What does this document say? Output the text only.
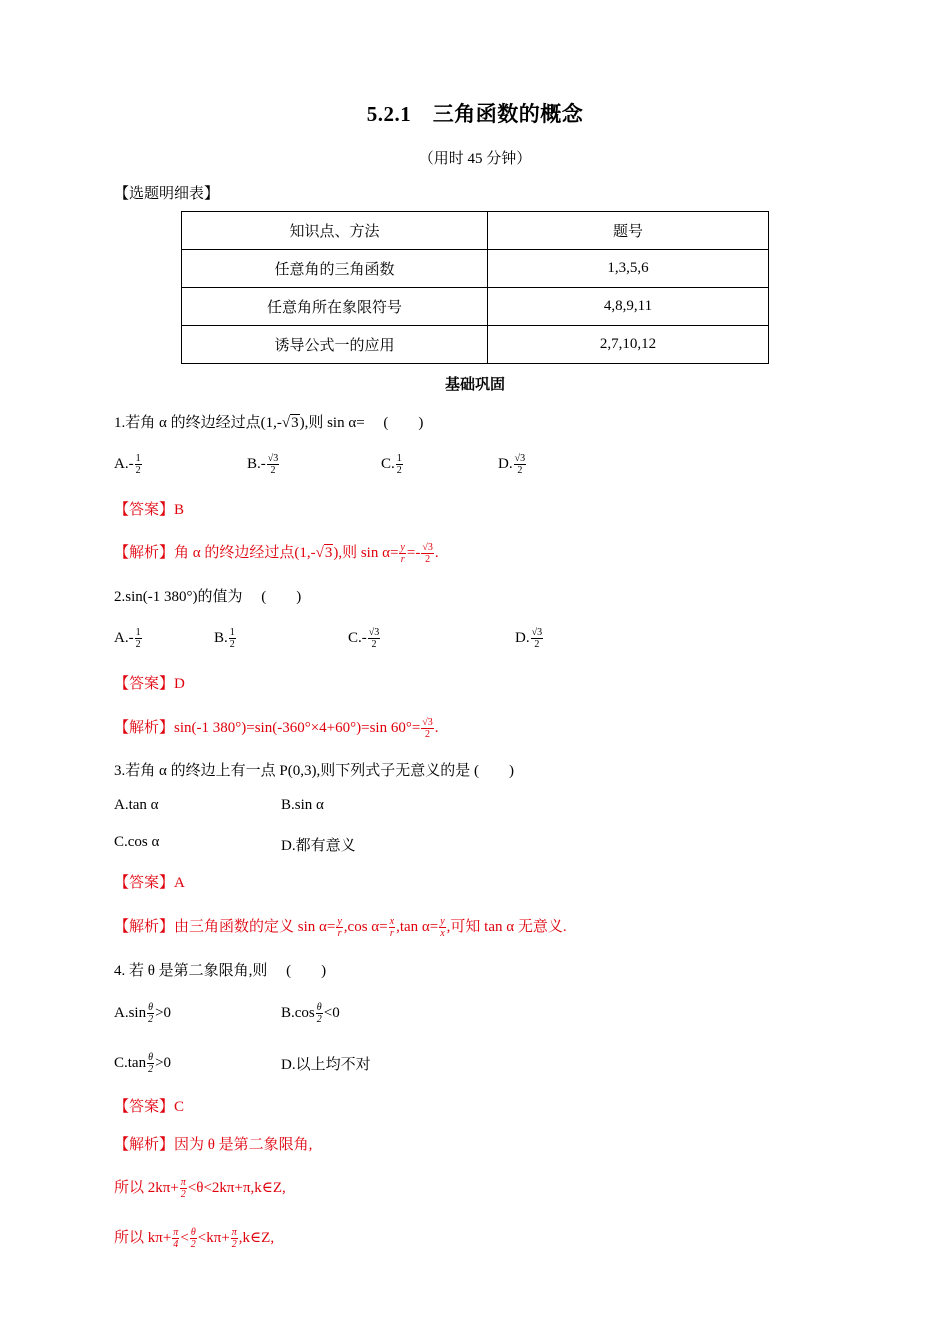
5.2.1　三角函数的概念
（用时 45 分钟）
【选题明细表】
知识点、方法	题号
任意角的三角函数	1,3,5,6
任意角所在象限符号	4,8,9,11
诱导公式一的应用	2,7,10,12
基础巩固
1.若角 α 的终边经过点(1,-√3),则 sin α=　 (　　)
$A.- \frac{1}{2}$	$B.- \frac{√3}{2}$	C. $\frac{1}{2}$	D. $\frac{√3}{2}$
【答案】B
【解析】角 α 的终边经过点(1,-√3),则 $\sin \alpha= \frac{y}{r} =- \frac{√3}{2}$ .
2.sin(-1 380°)的值为　 (　　)
$A.- \frac{1}{2}$	B. $\frac{1}{2}$	$C.- \frac{√3}{2}$	D. $\frac{√3}{2}$
【答案】D
【解析】sin(-1 380°)=sin(-360°×4+60°)=sin $60^\circ= \frac{√3}{2}$ .
3.若角 α 的终边上有一点 P(0,3),则下列式子无意义的是 (　　)
A.tan α	B.sin α
C.cos α	D.都有意义
【答案】A
【解析】由三角函数的定义 $\sin \alpha= \frac{y}{r} ,\cos$ $\alpha= \frac{x}{r} ,\tan$ $\alpha= \frac{y}{x}$ ,可知 tan α 无意义.
4. 若 θ 是第二象限角,则　 (　　)
$A.\sin \frac{\theta}{2} >0$	$B.\cos \frac{\theta}{2} <0$
$C.\tan \frac{\theta}{2} >0$	D.以上均不对
【答案】C
【解析】因为 θ 是第二象限角,
所以 $2k\pi+ \frac{\pi}{2}$ <θ<2kπ+π,k∈Z,
所以 $k\pi+ \frac{\pi}{4} < \frac{\theta}{2} <k\pi+ \frac{\pi}{2}$ ,k∈Z,
